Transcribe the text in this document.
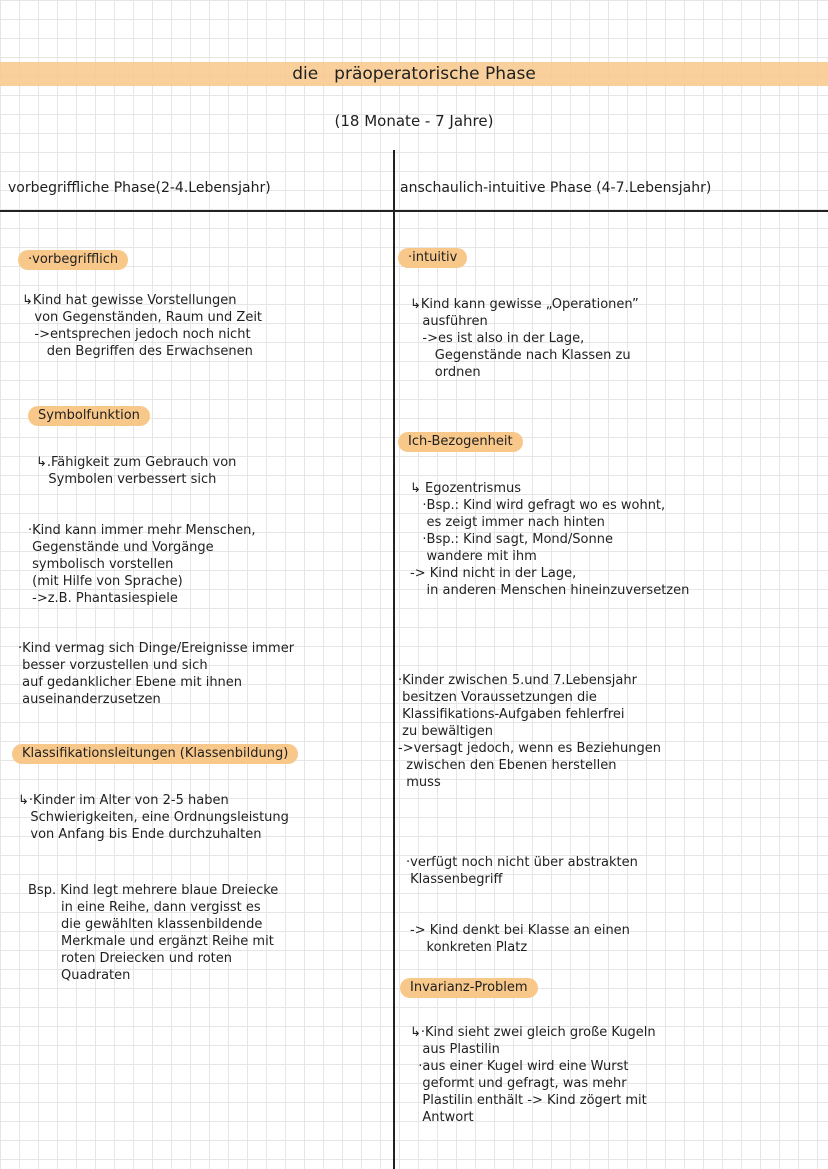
die präoperatorische Phase
(18 Monate - 7 Jahre)
vorbegriffliche Phase(2-4.Lebensjahr)	anschaulich-intuitive Phase (4-7.Lebensjahr)
·vorbegrifflich
↳Kind hat gewisse Vorstellungen
von Gegenständen, Raum und Zeit
->entsprechen jedoch noch nicht
den Begriffen des Erwachsenen
Symbolfunktion
↳.Fähigkeit zum Gebrauch von
Symbolen verbessert sich
·Kind kann immer mehr Menschen,
Gegenstände und Vorgänge
symbolisch vorstellen
(mit Hilfe von Sprache)
->z.B. Phantasiespiele
·Kind vermag sich Dinge/Ereignisse immer
besser vorzustellen und sich
auf gedanklicher Ebene mit ihnen
auseinanderzusetzen
Klassifikationsleitungen (Klassenbildung)
↳·Kinder im Alter von 2-5 haben
Schwierigkeiten, eine Ordnungsleistung
von Anfang bis Ende durchzuhalten
Bsp. Kind legt mehrere blaue Dreiecke
in eine Reihe, dann vergisst es
die gewählten klassenbildende
Merkmale und ergänzt Reihe mit
roten Dreiecken und roten
Quadraten
·intuitiv
↳Kind kann gewisse „Operationen”
ausführen
->es ist also in der Lage,
Gegenstände nach Klassen zu
ordnen
Ich-Bezogenheit
↳ Egozentrismus
·Bsp.: Kind wird gefragt wo es wohnt,
es zeigt immer nach hinten
·Bsp.: Kind sagt, Mond/Sonne
wandere mit ihm
-> Kind nicht in der Lage,
in anderen Menschen hineinzuversetzen
·Kinder zwischen 5.und 7.Lebensjahr
besitzen Voraussetzungen die
Klassifikations-Aufgaben fehlerfrei
zu bewältigen
->versagt jedoch, wenn es Beziehungen
zwischen den Ebenen herstellen
muss
·verfügt noch nicht über abstrakten
Klassenbegriff
-> Kind denkt bei Klasse an einen
konkreten Platz
Invarianz-Problem
↳·Kind sieht zwei gleich große Kugeln
aus Plastilin
·aus einer Kugel wird eine Wurst
geformt und gefragt, was mehr
Plastilin enthält -> Kind zögert mit
Antwort
